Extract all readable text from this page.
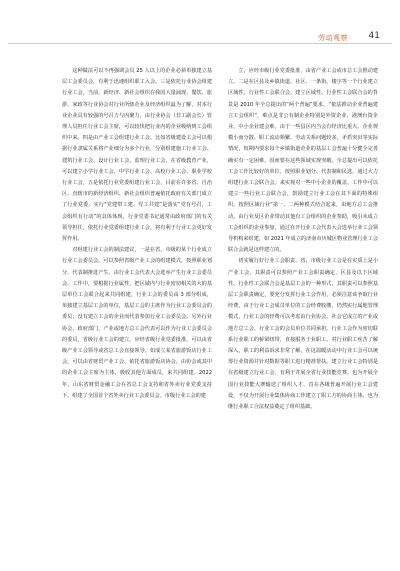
劳动观察 41

这种做法可以不再强调会员 25 人以上的企业必须单独建立基层工会委员会，有利于迅速组织职工入会。三是依托行业协会组建行业工会。当前，新经济、新社会组织在我国大量涌现，餐饮、旅游、家政等行业协会对行业所辖企业及经济组织最为了解，对本行业企业具有较强的号召力与内聚力，由行业协会（非工副会长）管理人员担任行业工会主席，可以较快把行业内的企业吸纳到工会组织中来。四是由产业工会组建行业工会。比如省级建设工会可以根据行业隶属关系将产业细分为多个行业，分别组建施工行业工会、建筑行业工会、设计行业工会、监理行业工会，在省级教育产业，可以建立小学行业工会、中学行业工会、高校行业工会、职业学校行业工会，五是依托行业党委组建行业工会，目前在许多省、自治区、直辖市的新经济组织、新社会组织普遍依托政府有关部门成立了行业党委、实行“党建带工建、党工共建”是落实“党有号召，工会组织有行动”的具体体现，行业党委书记通常由政府部门的有关领导担任，依托行业党委组建行业工会，将有利于行业工会更好发挥作用。

对组建行业工会的制法建议，一是在省、市级的某个行业成立行业工会委员会。可以参照省级产业工会的组建模式，按照职业划分、代表制推选产生。由行业工会代表大会选举产生行业工会委员会。工作中，要根据行业属性，把区域内与行业密切相关的大的基层单位工会联合起来共同组建，行业工会的委员由 3 部分组成，单独建立基层工会的单位，基层工会的主席作为行业工会委员会的委员；没有建立工会的企业而代表参加行业工会委员会。另外行业协会、政府部门、产业或地方总工会代表可以作为行业工会委员会的委员，省级行业工会的建立，应经省级行业党委批准，可以由省级产业工会领导或省总工会直接领导。如成立某省旅游饭店行业工会，可以由省财贸产业工会、依托省旅游饭店协会，由协会或其中的企业工会主席为主体，吸收其他方面成员，来共同组建。2022 年，山东省财贸金融工会在省总工会支持和省外卖行业党委支持下，组建了全国首个省外卖行业工会委员会。市级行业工会的建

立，应经市级行业党委批准，由省产业工会或市总工会推动建立。二是在区县及乡镇街道、社区、一条街、楼宇等一个行业建立区域性、行业性工会联合会。建立区域性、行业性工会联合会的背景是 2010 年全总提出的“两个普遍”要求，“依法推动企业普遍建立工会组织”，难点是非公有制企业特别是外资企业、港澳台资企业、中小企业建会难。由于一些县区内当会有经济比重大、企业规模小而分散、职工流动频繁、劳动关系问题较多，矛盾突出等实际情况，短期内要求每个乡镇街道企业的基层工会普遍十分健全完善确实有一定困难，因而要在这些领域实现突破，全总提出可以依托工会工作比较好的单位，按照职业划分、代表制和民选，通过大力组建行业工会联合会。来实现对一些中小企业的覆盖。工作中可以建立一些行业工会联合会，鼓励建立行业工会在其下面的特殊组织，按照区域行业“第一、二两种模式结合起来，由地方总工会推动。由行业及区企业带动其他有工会组织的企业参助，吸引未成立工会组织的企业参加，通过在开行业工会代表大会选举行业工会领导机构来组建，如 2021 年成立的济南市历城区物业管理行业工会联合会就是这样建立的。

切实履行好行业工会职责。省、市级行业工会是在实质上是小产业工会，其职责可以参照产业工会职责确定，区县及以下区域性、行业性工会联合会是基层工会的一种形式，其职责可以参照基层工会职责确定，要充分发挥行业工会作用，必须注意该争取行业经费，由于行业工会成员单位的工会经费收缴，仍然实行属地管理模式，行业工会的经费可以考虑由行业协会、社会它成立的产业或地方总工会、行业工会的会员单位共同承担。行业工会作为密切联系行业职工的桥梁纽带，直接服务于业职工、对行业职工疾苦了解深入，职工的利益诉求非常了解，在这温暖活动中行业工会可以统筹行业资源并针对数据等职工进行精准帮扶。建立行业工会特别是在省级建立行业工会，有利于并展全省行业技能竞赛，也为开展全国行业技能大赛输送了组织人才。首在各级普遍开展行业工会建设，不仅为开展行业集体协商工作建立了职工方的协商主体，也为继行业职工合法权益奠定了组织基础。
